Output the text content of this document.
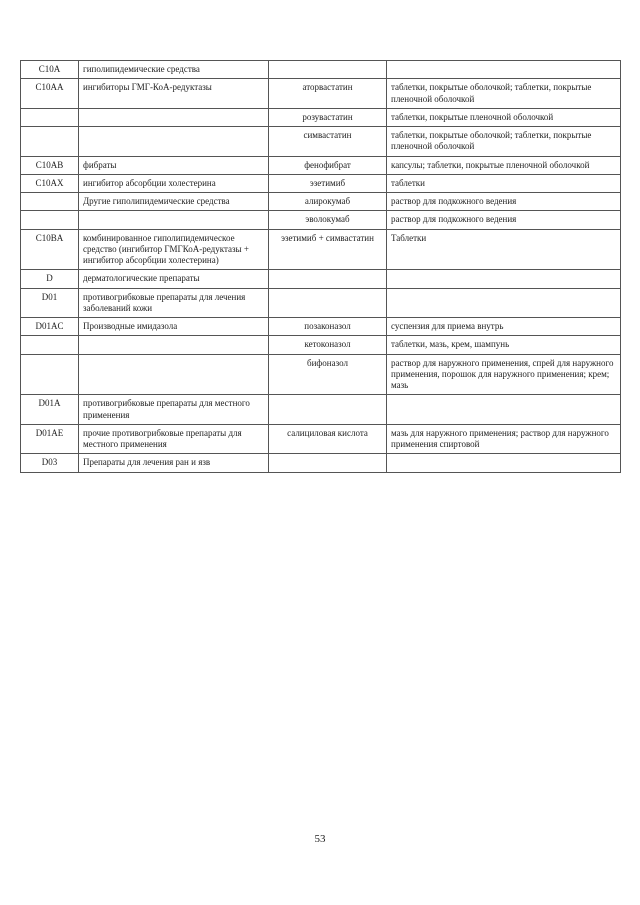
C10A	гиполипидемические средства		
C10AA	ингибиторы ГМГ-КоА-редуктазы	аторвастатин	таблетки, покрытые оболочкой; таблетки, покрытые пленочной оболочкой
		розувастатин	таблетки, покрытые пленочной оболочкой
		симвастатин	таблетки, покрытые оболочкой; таблетки, покрытые пленочной оболочкой
C10AB	фибраты	фенофибрат	капсулы; таблетки, покрытые пленочной оболочкой
C10AX	ингибитор абсорбции холестерина	эзетимиб	таблетки
	Другие гиполипидемические средства	алирокумаб	раствор для подкожного ведения
		эволокумаб	раствор для подкожного ведения
C10BA	комбинированное гиполипидемическое средство (ингибитор ГМГКоА-редуктазы + ингибитор абсорбции холестерина)	эзетимиб + симвастатин	Таблетки
D	дерматологические препараты		
D01	противогрибковые препараты для лечения заболеваний кожи		
D01AC	Производные имидазола	позаконазол	суспензия для приема внутрь
		кетоконазол	таблетки, мазь, крем, шампунь
		бифоназол	раствор для наружного применения, спрей для наружного применения, порошок для наружного применения; крем; мазь
D01A	противогрибковые препараты для местного применения		
D01AE	прочие противогрибковые препараты для местного применения	салициловая кислота	мазь для наружного применения; раствор для наружного применения спиртовой
D03	Препараты для лечения ран и язв		
53
